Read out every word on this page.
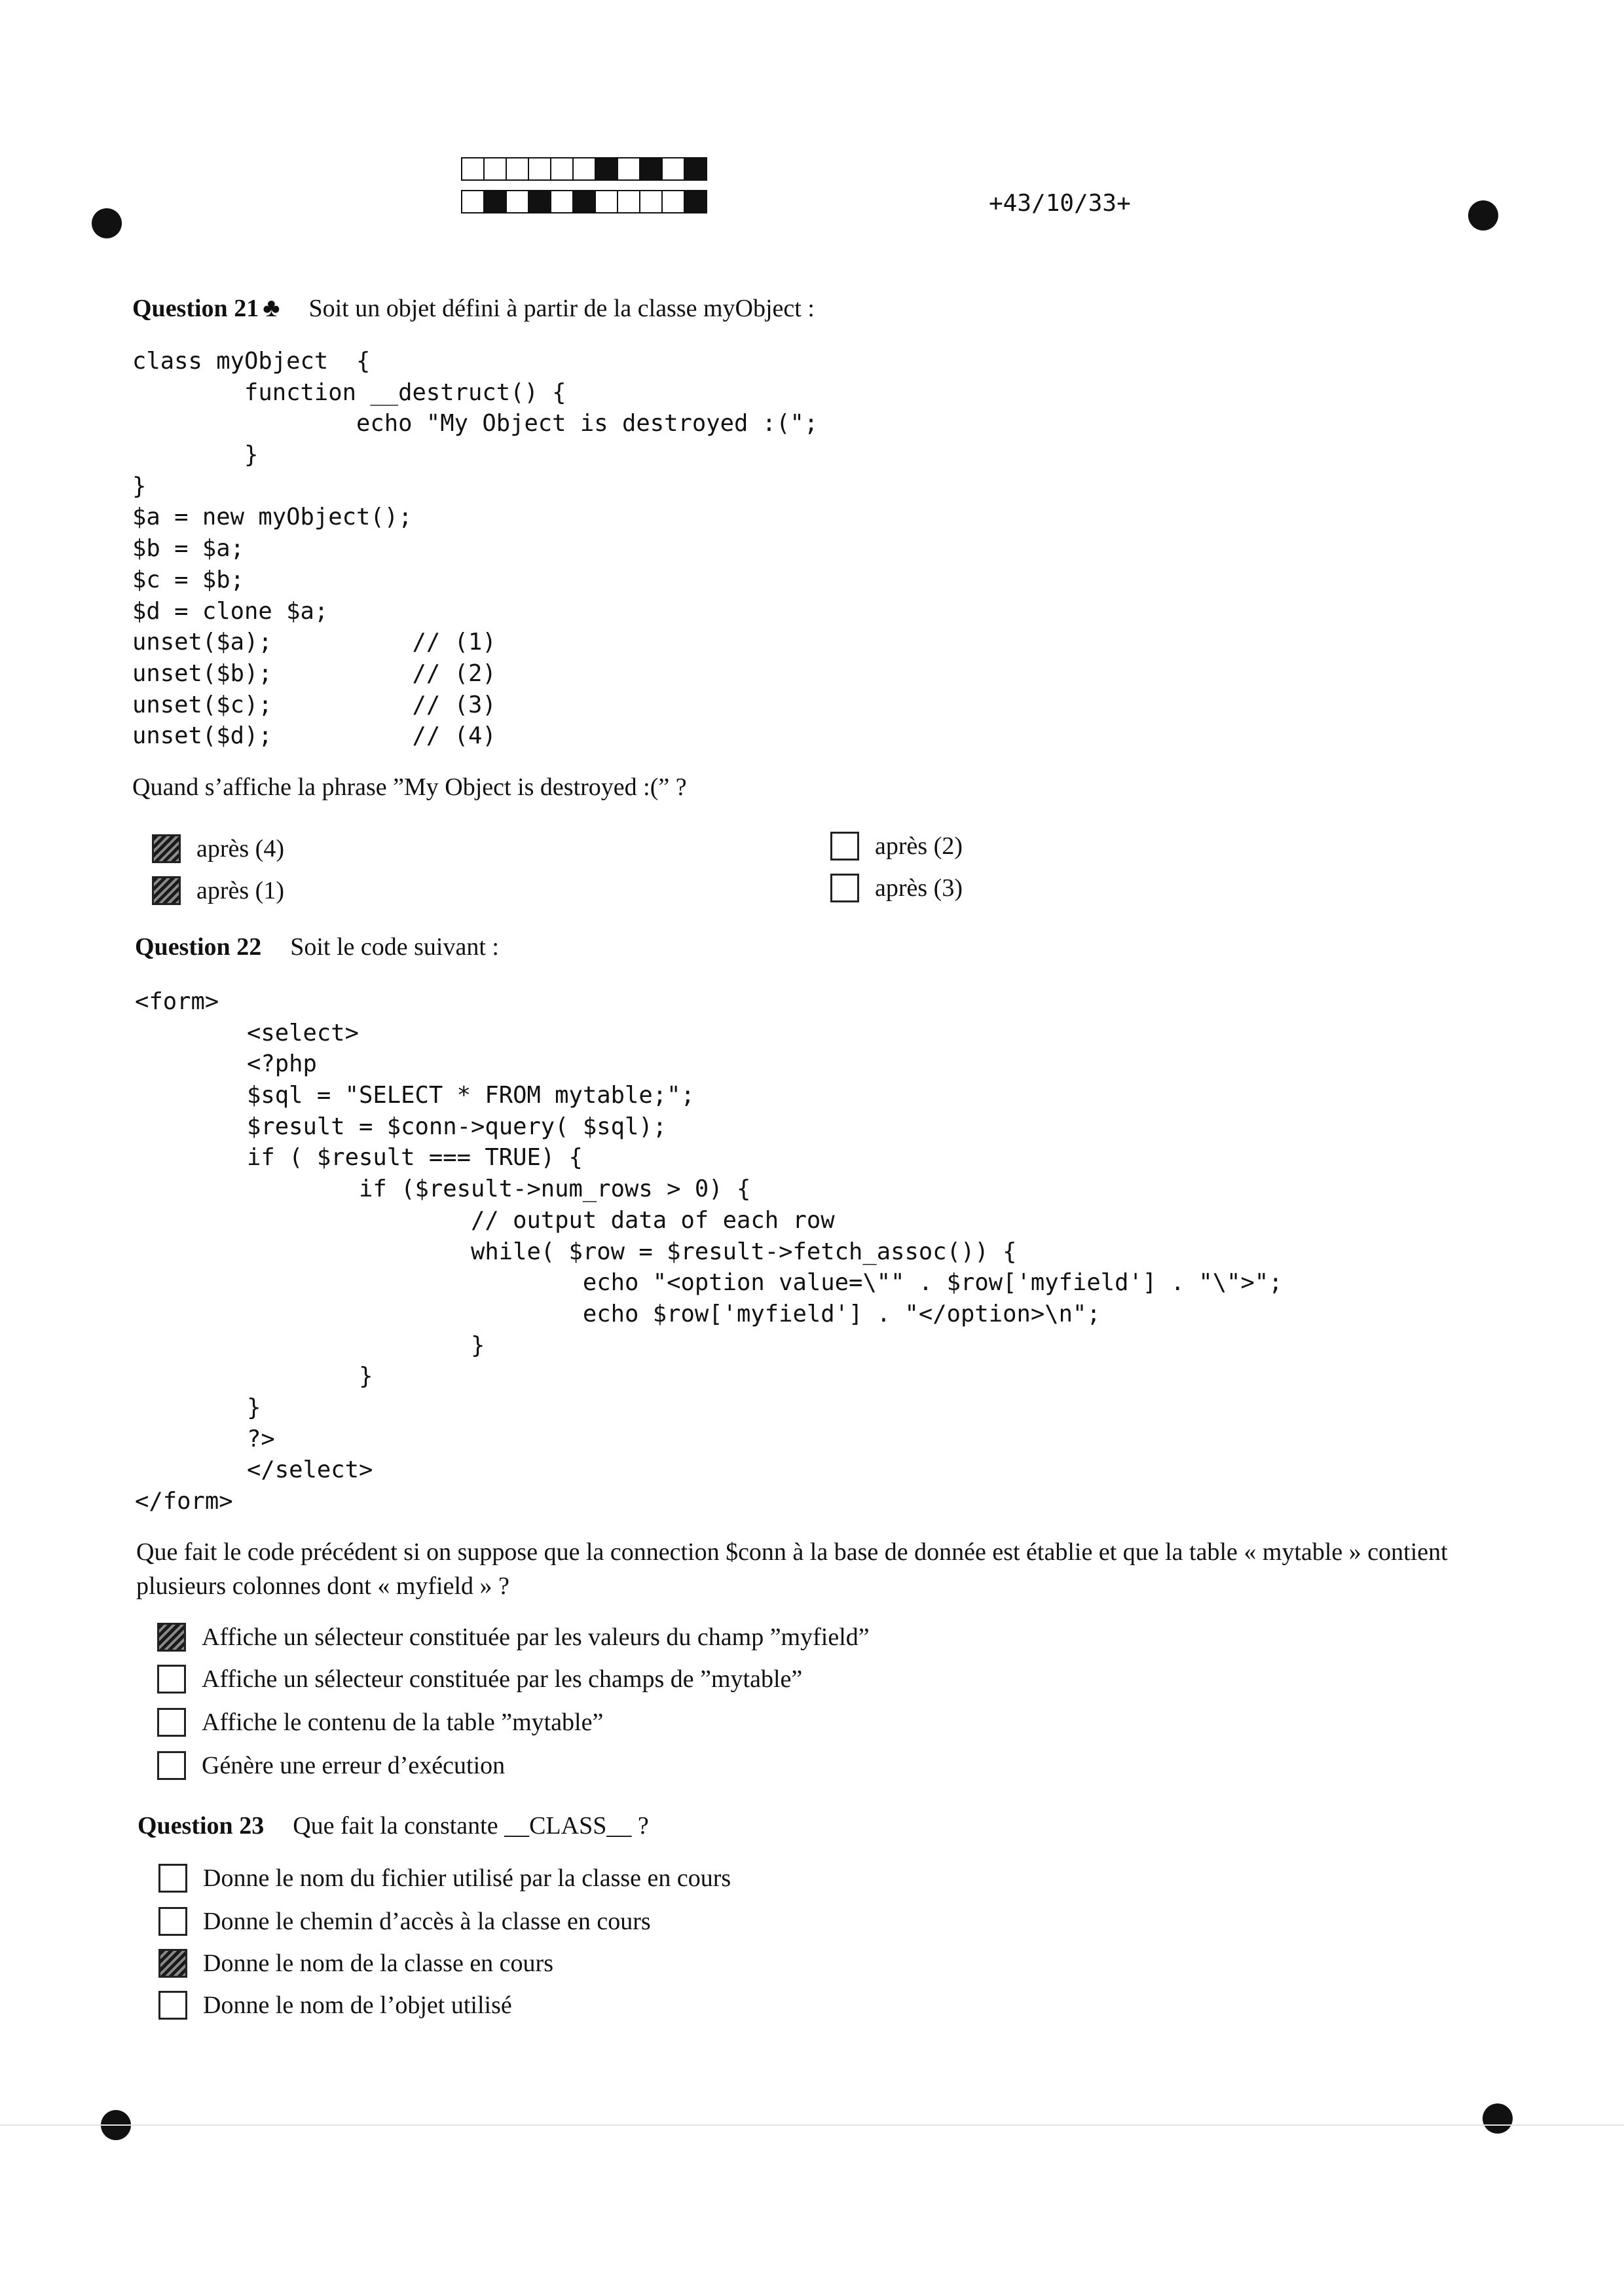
+43/10/33+
Question 21 ♣ Soit un objet défini à partir de la classe myObject :
class myObject  {
function __destruct() {
echo "My Object is destroyed :(";
}
}
$a = new myObject();
$b = $a;
$c = $b;
$d = clone $a;
unset($a);          // (1)
unset($b);          // (2)
unset($c);          // (3)
unset($d);          // (4)
Quand s’affiche la phrase ”My Object is destroyed :(” ?
après (4)
après (1)
après (2)
après (3)
Question 22 Soit le code suivant :
<form>
<select>
<?php
$sql = "SELECT * FROM mytable;";
$result = $conn->query( $sql);
if ( $result === TRUE) {
if ($result->num_rows > 0) {
// output data of each row
while( $row = $result->fetch_assoc()) {
echo "<option value=\"" . $row['myfield'] . "\">";
echo $row['myfield'] . "</option>\n";
}
}
}
?>
</select>
</form>
Que fait le code précédent si on suppose que la connection $conn à la base de donnée est établie et que la table « mytable » contient plusieurs colonnes dont « myfield » ?
Affiche un sélecteur constituée par les valeurs du champ ”myfield”
Affiche un sélecteur constituée par les champs de ”mytable”
Affiche le contenu de la table ”mytable”
Génère une erreur d’exécution
Question 23 Que fait la constante __CLASS__ ?
Donne le nom du fichier utilisé par la classe en cours
Donne le chemin d’accès à la classe en cours
Donne le nom de la classe en cours
Donne le nom de l’objet utilisé
